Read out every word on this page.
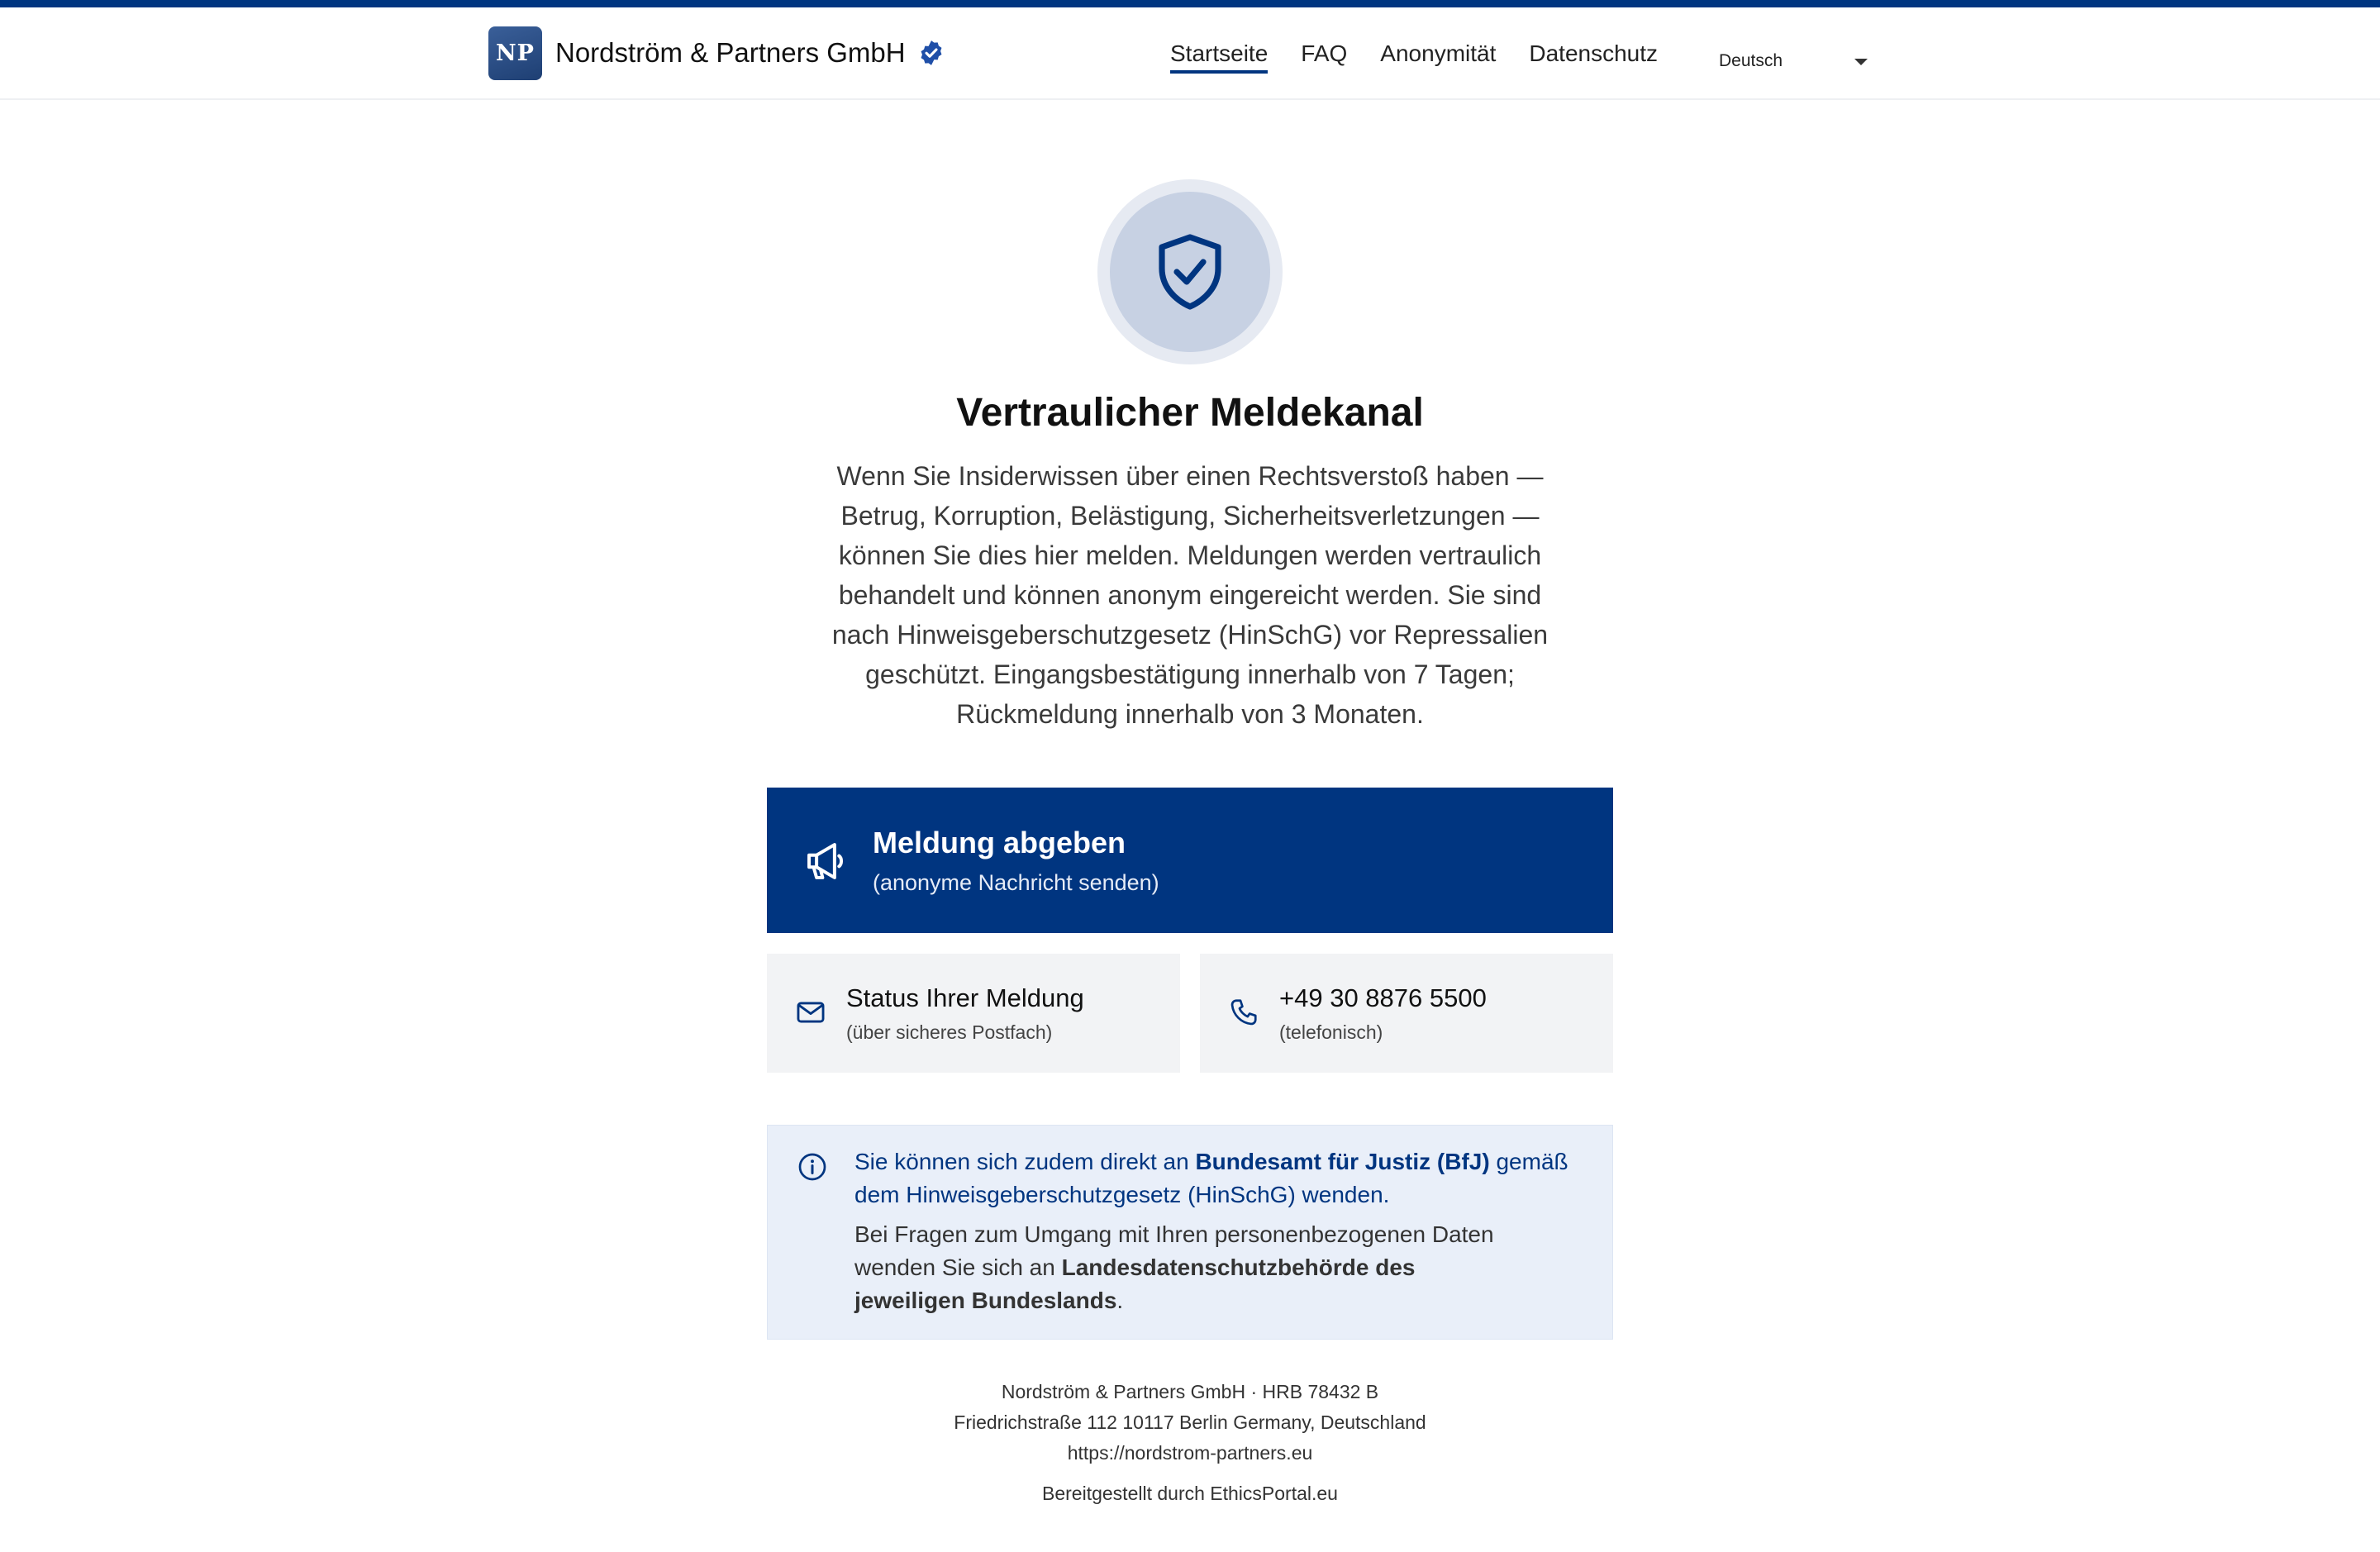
NP Nordström & Partners GmbH	Startseite FAQ Anonymität Datenschutz	Deutsch
Vertraulicher Meldekanal

Wenn Sie Insiderwissen über einen Rechtsverstoß haben — Betrug, Korruption, Belästigung, Sicherheitsverletzungen — können Sie dies hier melden. Meldungen werden vertraulich behandelt und können anonym eingereicht werden. Sie sind nach Hinweisgeberschutzgesetz (HinSchG) vor Repressalien geschützt. Eingangsbestätigung innerhalb von 7 Tagen; Rückmeldung innerhalb von 3 Monaten.

Meldung abgeben
(anonyme Nachricht senden)
Status Ihrer Meldung
(über sicheres Postfach)
+49 30 8876 5500
(telefonisch)

Sie können sich zudem direkt an Bundesamt für Justiz (BfJ) gemäß dem Hinweisgeberschutzgesetz (HinSchG) wenden.

Bei Fragen zum Umgang mit Ihren personenbezogenen Daten wenden Sie sich an Landesdatenschutzbehörde des jeweiligen Bundeslands.

Nordström & Partners GmbH · HRB 78432 B
Friedrichstraße 112 10117 Berlin Germany, Deutschland
https://nordstrom-partners.eu
Bereitgestellt durch EthicsPortal.eu
